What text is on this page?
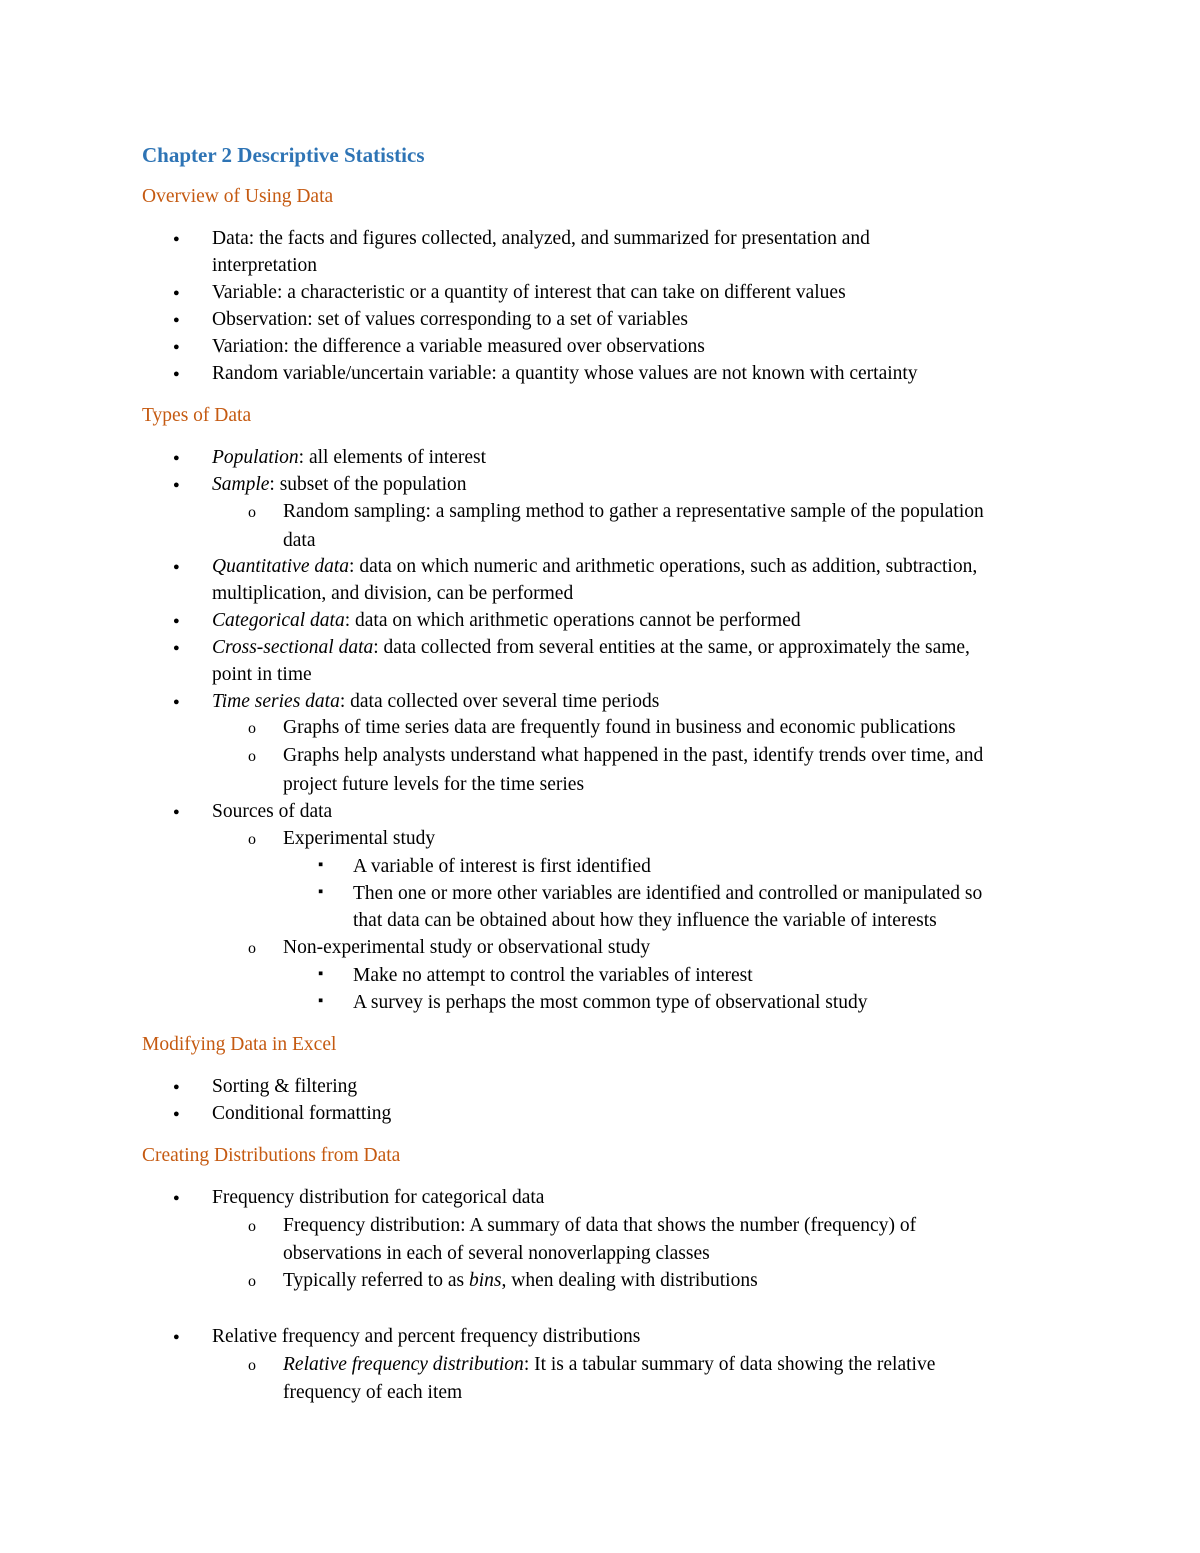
Chapter 2 Descriptive Statistics
Overview of Using Data
●
Data: the facts and figures collected, analyzed, and summarized for presentation and
interpretation
●
Variable: a characteristic or a quantity of interest that can take on different values
●
Observation: set of values corresponding to a set of variables
●
Variation: the difference a variable measured over observations
●
Random variable/uncertain variable: a quantity whose values are not known with certainty
Types of Data
●
Population: all elements of interest
●
Sample: subset of the population
o
Random sampling: a sampling method to gather a representative sample of the population
data
●
Quantitative data: data on which numeric and arithmetic operations, such as addition, subtraction,
multiplication, and division, can be performed
●
Categorical data: data on which arithmetic operations cannot be performed
●
Cross-sectional data: data collected from several entities at the same, or approximately the same,
point in time
●
Time series data: data collected over several time periods
o
Graphs of time series data are frequently found in business and economic publications
o
Graphs help analysts understand what happened in the past, identify trends over time, and
project future levels for the time series
●
Sources of data
o
Experimental study
▪
A variable of interest is first identified
▪
Then one or more other variables are identified and controlled or manipulated so
that data can be obtained about how they influence the variable of interests
o
Non-experimental study or observational study
▪
Make no attempt to control the variables of interest
▪
A survey is perhaps the most common type of observational study
Modifying Data in Excel
●
Sorting & filtering
●
Conditional formatting
Creating Distributions from Data
●
Frequency distribution for categorical data
o
Frequency distribution: A summary of data that shows the number (frequency) of
observations in each of several nonoverlapping classes
o
Typically referred to as bins, when dealing with distributions
●
Relative frequency and percent frequency distributions
o
Relative frequency distribution: It is a tabular summary of data showing the relative
frequency of each item
